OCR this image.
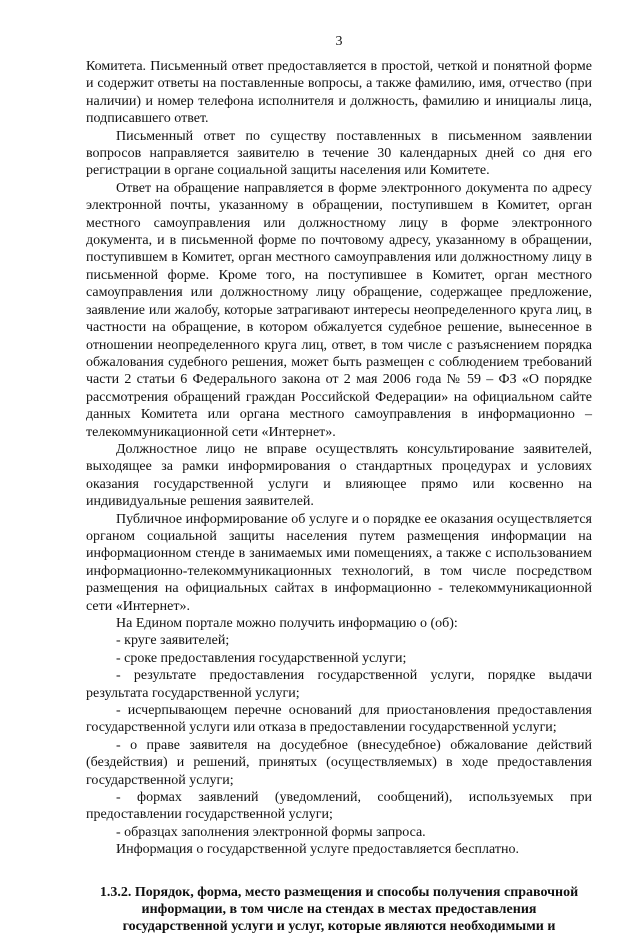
3

Комитета. Письменный ответ предоставляется в простой, четкой и понятной форме и содержит ответы на поставленные вопросы, а также фамилию, имя, отчество (при наличии) и номер телефона исполнителя и должность, фамилию и инициалы лица, подписавшего ответ.

Письменный ответ по существу поставленных в письменном заявлении вопросов направляется заявителю в течение 30 календарных дней со дня его регистрации в органе социальной защиты населения или Комитете.

Ответ на обращение направляется в форме электронного документа по адресу электронной почты, указанному в обращении, поступившем в Комитет, орган местного самоуправления или должностному лицу в форме электронного документа, и в письменной форме по почтовому адресу, указанному в обращении, поступившем в Комитет, орган местного самоуправления или должностному лицу в письменной форме. Кроме того, на поступившее в Комитет, орган местного самоуправления или должностному лицу обращение, содержащее предложение, заявление или жалобу, которые затрагивают интересы неопределенного круга лиц, в частности на обращение, в котором обжалуется судебное решение, вынесенное в отношении неопределенного круга лиц, ответ, в том числе с разъяснением порядка обжалования судебного решения, может быть размещен с соблюдением требований части 2 статьи 6 Федерального закона от 2 мая 2006 года № 59 – ФЗ «О порядке рассмотрения обращений граждан Российской Федерации» на официальном сайте данных Комитета или органа местного самоуправления в информационно – телекоммуникационной сети «Интернет».

Должностное лицо не вправе осуществлять консультирование заявителей, выходящее за рамки информирования о стандартных процедурах и условиях оказания государственной услуги и влияющее прямо или косвенно на индивидуальные решения заявителей.

Публичное информирование об услуге и о порядке ее оказания осуществляется органом социальной защиты населения путем размещения информации на информационном стенде в занимаемых ими помещениях, а также с использованием информационно-телекоммуникационных технологий, в том числе посредством размещения на официальных сайтах в информационно - телекоммуникационной сети «Интернет».

На Едином портале можно получить информацию о (об):

- круге заявителей;

- сроке предоставления государственной услуги;

- результате предоставления государственной услуги, порядке выдачи результата государственной услуги;

- исчерпывающем перечне оснований для приостановления предоставления государственной услуги или отказа в предоставлении государственной услуги;

- о праве заявителя на досудебное (внесудебное) обжалование действий (бездействия) и решений, принятых (осуществляемых) в ходе предоставления государственной услуги;

- формах заявлений (уведомлений, сообщений), используемых при предоставлении государственной услуги;

- образцах заполнения электронной формы запроса.

Информация о государственной услуге предоставляется бесплатно.

1.3.2. Порядок, форма, место размещения и способы получения справочной информации, в том числе на стендах в местах предоставления государственной услуги и услуг, которые являются необходимыми и
